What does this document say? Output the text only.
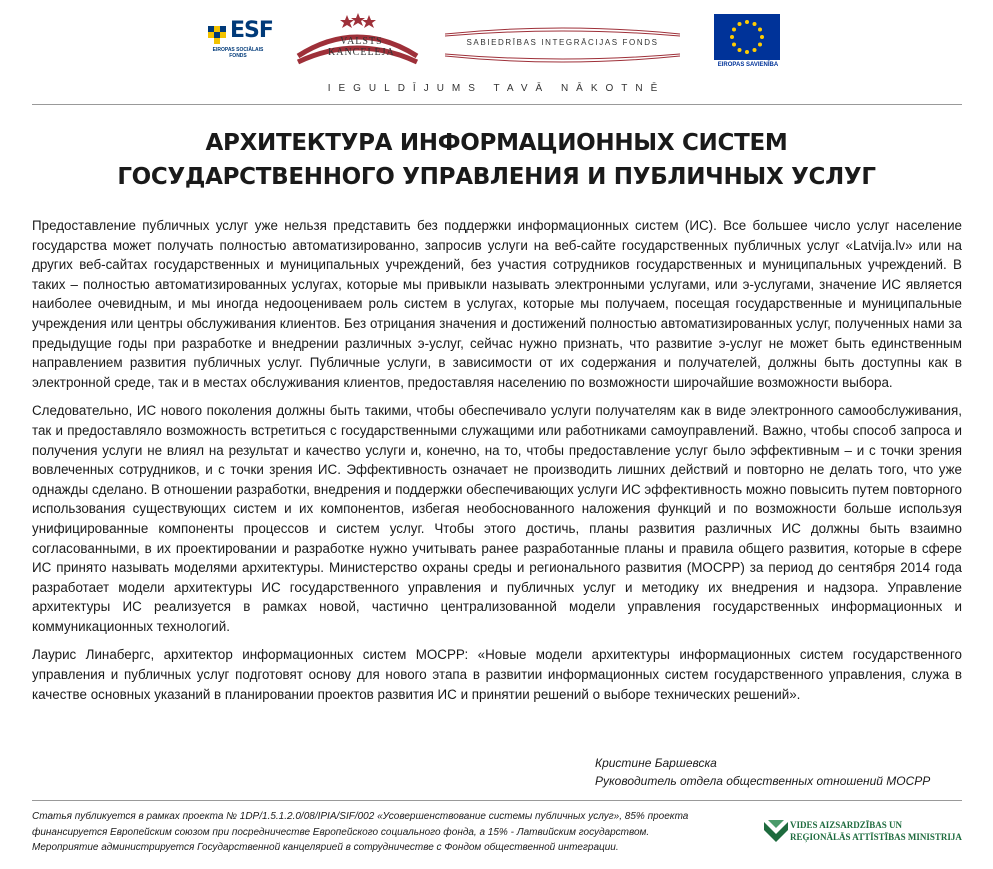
ESF
EIROPAS SOCIĀLAIS FONDS
VALSTS
KANCELEJA
SABIEDRĪBAS INTEGRĀCIJAS FONDS
EIROPAS SAVIENĪBA
IEGULDĪJUMS TAVĀ NĀKOTNĒ
АРХИТЕКТУРА ИНФОРМАЦИОННЫХ СИСТЕМ
ГОСУДАРСТВЕННОГО УПРАВЛЕНИЯ И ПУБЛИЧНЫХ УСЛУГ

Предоставление публичных услуг уже нельзя представить без поддержки информационных систем (ИС). Все большее число услуг население государства может получать полностью автоматизированно, запросив услуги на веб-сайте государственных публичных услуг «Latvija.lv» или на других веб-сайтах государственных и муниципальных учреждений, без участия сотрудников государственных и муниципальных учреждений. В таких – полностью автоматизированных услугах, которые мы привыкли называть электронными услугами, или э-услугами, значение ИС является наиболее очевидным, и мы иногда недооцениваем роль систем в услугах, которые мы получаем, посещая государственные и муниципальные учреждения или центры обслуживания клиентов. Без отрицания значения и достижений полностью автоматизированных услуг, полученных нами за предыдущие годы при разработке и внедрении различных э-услуг, сейчас нужно признать, что развитие э-услуг не может быть единственным направлением развития публичных услуг. Публичные услуги, в зависимости от их содержания и получателей, должны быть доступны как в электронной среде, так и в местах обслуживания клиентов, предоставляя населению по возможности широчайшие возможности выбора.

Следовательно, ИС нового поколения должны быть такими, чтобы обеспечивало услуги получателям как в виде электронного самообслуживания, так и предоставляло возможность встретиться с государственными служащими или работниками самоуправлений. Важно, чтобы способ запроса и получения услуги не влиял на результат и качество услуги и, конечно, на то, чтобы предоставление услуг было эффективным – и с точки зрения вовлеченных сотрудников, и с точки зрения ИС. Эффективность означает не производить лишних действий и повторно не делать того, что уже однажды сделано. В отношении разработки, внедрения и поддержки обеспечивающих услуги ИС эффективность можно повысить путем повторного использования существующих систем и их компонентов, избегая необоснованного наложения функций и по возможности больше используя унифицированные компоненты процессов и систем услуг. Чтобы этого достичь, планы развития различных ИС должны быть взаимно согласованными, в их проектировании и разработке нужно учитывать ранее разработанные планы и правила общего развития, которые в сфере ИС принято называть моделями архитектуры. Министерство охраны среды и регионального развития (МОСРР) за период до сентября 2014 года разработает модели архитектуры ИС государственного управления и публичных услуг и методику их внедрения и надзора. Управление архитектуры ИС реализуется в рамках новой, частично централизованной модели управления государственных информационных и коммуникационных технологий.

Лаурис Линабергс, архитектор информационных систем МОСРР: «Новые модели архитектуры информационных систем государственного управления и публичных услуг подготовят основу для нового этапа в развитии информационных систем государственного управления, служа в качестве основных указаний в планировании проектов развития ИС и принятии решений о выборе технических решений».

Кристине Баршевска
Руководитель отдела общественных отношений МОСРР
Статья публикуется в рамках проекта № 1DP/1.5.1.2.0/08/IPIA/SIF/002 «Усовершенствование системы публичных услуг», 85% проекта
финансируется Европейским союзом при посредничестве Европейского социального фонда, а 15% - Латвийским государством.
Мероприятие администрируется Государственной канцелярией в сотрудничестве с Фондом общественной интеграции.
VIDES AIZSARDZĪBAS UN
REĢIONĀLĀS ATTĪSTĪBAS MINISTRIJA
